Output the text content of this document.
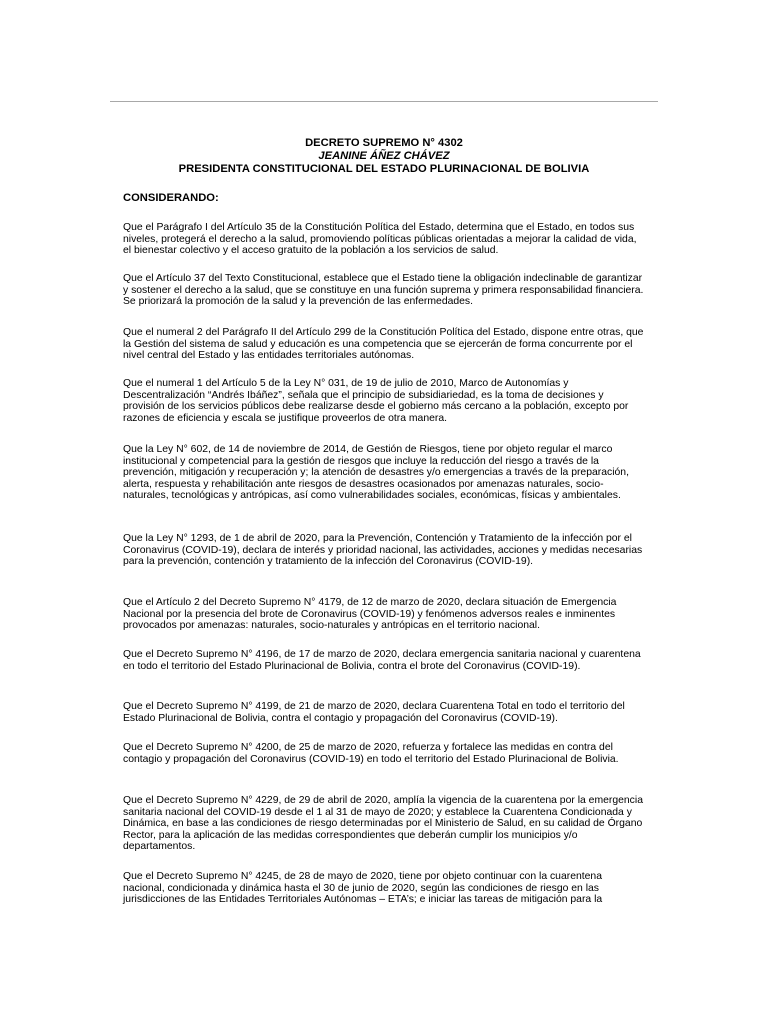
DECRETO SUPREMO N° 4302
JEANINE ÁÑEZ CHÁVEZ
PRESIDENTA CONSTITUCIONAL DEL ESTADO PLURINACIONAL DE BOLIVIA
CONSIDERANDO:

Que el Parágrafo I del Artículo 35 de la Constitución Política del Estado, determina que el Estado, en todos sus niveles, protegerá el derecho a la salud, promoviendo políticas públicas orientadas a mejorar la calidad de vida, el bienestar colectivo y el acceso gratuito de la población a los servicios de salud.

Que el Artículo 37 del Texto Constitucional, establece que el Estado tiene la obligación indeclinable de garantizar y sostener el derecho a la salud, que se constituye en una función suprema y primera responsabilidad financiera. Se priorizará la promoción de la salud y la prevención de las enfermedades.

Que el numeral 2 del Parágrafo II del Artículo 299 de la Constitución Política del Estado, dispone entre otras, que la Gestión del sistema de salud y educación es una competencia que se ejercerán de forma concurrente por el nivel central del Estado y las entidades territoriales autónomas.

Que el numeral 1 del Artículo 5 de la Ley N° 031, de 19 de julio de 2010, Marco de Autonomías y Descentralización “Andrés Ibáñez”, señala que el principio de subsidiariedad, es la toma de decisiones y provisión de los servicios públicos debe realizarse desde el gobierno más cercano a la población, excepto por razones de eficiencia y escala se justifique proveerlos de otra manera.

Que la Ley N° 602, de 14 de noviembre de 2014, de Gestión de Riesgos, tiene por objeto regular el marco institucional y competencial para la gestión de riesgos que incluye la reducción del riesgo a través de la prevención, mitigación y recuperación y; la atención de desastres y/o emergencias a través de la preparación, alerta, respuesta y rehabilitación ante riesgos de desastres ocasionados por amenazas naturales, socio-naturales, tecnológicas y antrópicas, así como vulnerabilidades sociales, económicas, físicas y ambientales.

Que la Ley N° 1293, de 1 de abril de 2020, para la Prevención, Contención y Tratamiento de la infección por el Coronavirus (COVID-19), declara de interés y prioridad nacional, las actividades, acciones y medidas necesarias para la prevención, contención y tratamiento de la infección del Coronavirus (COVID-19).

Que el Artículo 2 del Decreto Supremo N° 4179, de 12 de marzo de 2020, declara situación de Emergencia Nacional por la presencia del brote de Coronavirus (COVID-19) y fenómenos adversos reales e inminentes provocados por amenazas: naturales, socio-naturales y antrópicas en el territorio nacional.

Que el Decreto Supremo N° 4196, de 17 de marzo de 2020, declara emergencia sanitaria nacional y cuarentena en todo el territorio del Estado Plurinacional de Bolivia, contra el brote del Coronavirus (COVID-19).

Que el Decreto Supremo N° 4199, de 21 de marzo de 2020, declara Cuarentena Total en todo el territorio del Estado Plurinacional de Bolivia, contra el contagio y propagación del Coronavirus (COVID-19).

Que el Decreto Supremo N° 4200, de 25 de marzo de 2020, refuerza y fortalece las medidas en contra del contagio y propagación del Coronavirus (COVID-19) en todo el territorio del Estado Plurinacional de Bolivia.

Que el Decreto Supremo N° 4229, de 29 de abril de 2020, amplía la vigencia de la cuarentena por la emergencia sanitaria nacional del COVID-19 desde el 1 al 31 de mayo de 2020; y establece la Cuarentena Condicionada y Dinámica, en base a las condiciones de riesgo determinadas por el Ministerio de Salud, en su calidad de Órgano Rector, para la aplicación de las medidas correspondientes que deberán cumplir los municipios y/o departamentos.

Que el Decreto Supremo N° 4245, de 28 de mayo de 2020, tiene por objeto continuar con la cuarentena nacional, condicionada y dinámica hasta el 30 de junio de 2020, según las condiciones de riesgo en las jurisdicciones de las Entidades Territoriales Autónomas – ETA’s; e iniciar las tareas de mitigación para la
